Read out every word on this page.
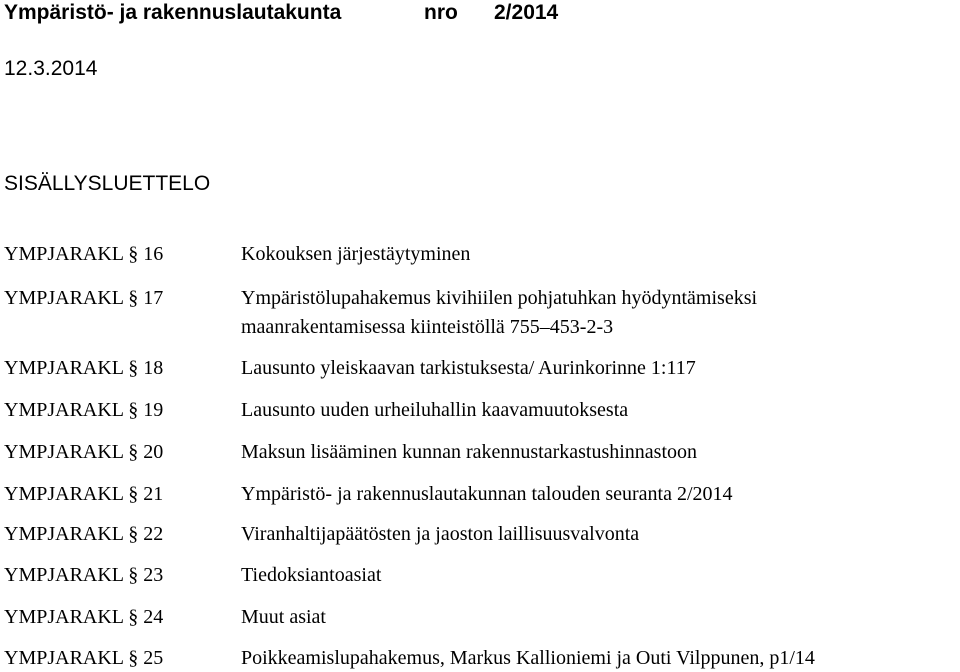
Ympäristö- ja rakennuslautakunta	nro 2/2014
12.3.2014
SISÄLLYSLUETTELO
YMPJARAKL § 16	Kokouksen järjestäytyminen
YMPJARAKL § 17	Ympäristölupahakemus kivihiilen pohjatuhkan hyödyntämiseksi
maanrakentamisessa kiinteistöllä 755–453-2-3
YMPJARAKL § 18	Lausunto yleiskaavan tarkistuksesta/ Aurinkorinne 1:117
YMPJARAKL § 19	Lausunto uuden urheiluhallin kaavamuutoksesta
YMPJARAKL § 20	Maksun lisääminen kunnan rakennustarkastushinnastoon
YMPJARAKL § 21	Ympäristö- ja rakennuslautakunnan talouden seuranta 2/2014
YMPJARAKL § 22	Viranhaltijapäätösten ja jaoston laillisuusvalvonta
YMPJARAKL § 23	Tiedoksiantoasiat
YMPJARAKL § 24	Muut asiat
YMPJARAKL § 25	Poikkeamislupahakemus, Markus Kallioniemi ja Outi Vilppunen, p1/14
